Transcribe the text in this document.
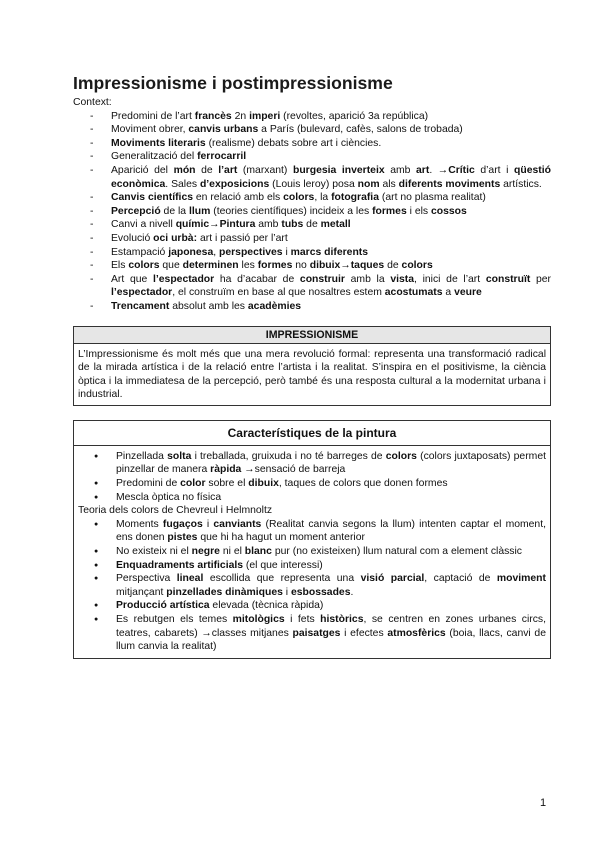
Impressionisme i postimpressionisme
Context:
- Predomini de l’art francès 2n imperi (revoltes, aparició 3a república)
- Moviment obrer, canvis urbans a París (bulevard, cafès, salons de trobada)
- Moviments literaris (realisme) debats sobre art i ciències.
- Generalització del ferrocarril
- Aparició del món de l’art (marxant) burgesia inverteix amb art. →Crític d’art i qüestió econòmica. Sales d’exposicions (Louis leroy) posa nom als diferents moviments artístics.
- Canvis científics en relació amb els colors, la fotografia (art no plasma realitat)
- Percepció de la llum (teories científiques) incideix a les formes i els cossos
- Canvi a nivell químic→Pintura amb tubs de metall
- Evolució oci urbà: art i passió per l’art
- Estampació japonesa, perspectives i marcs diferents
- Els colors que determinen les formes no dibuix→taques de colors
- Art que l’espectador ha d’acabar de construir amb la vista, inici de l’art construït per l’espectador, el construïm en base al que nosaltres estem acostumats a veure
- Trencament absolut amb les acadèmies
IMPRESSIONISME
L’Impressionisme és molt més que una mera revolució formal: representa una transformació radical de la mirada artística i de la relació entre l’artista i la realitat. S’inspira en el positivisme, la ciència òptica i la immediatesa de la percepció, però també és una resposta cultural a la modernitat urbana i industrial.
Característiques de la pintura
● Pinzellada solta i treballada, gruixuda i no té barreges de colors (colors juxtaposats) permet pinzellar de manera ràpida →sensació de barreja
● Predomini de color sobre el dibuix, taques de colors que donen formes
● Mescla òptica no física
Teoria dels colors de Chevreul i Helmnoltz
● Moments fugaços i canviants (Realitat canvia segons la llum) intenten captar el moment, ens donen pistes que hi ha hagut un moment anterior
● No existeix ni el negre ni el blanc pur (no existeixen) llum natural com a element clàssic
● Enquadraments artificials (el que interessi)
● Perspectiva lineal escollida que representa una visió parcial, captació de moviment mitjançant pinzellades dinàmiques i esbossades.
● Producció artística elevada (tècnica ràpida)
● Es rebutgen els temes mitològics i fets històrics, se centren en zones urbanes circs, teatres, cabarets) →classes mitjanes paisatges i efectes atmosfèrics (boia, llacs, canvi de llum canvia la realitat)
1
